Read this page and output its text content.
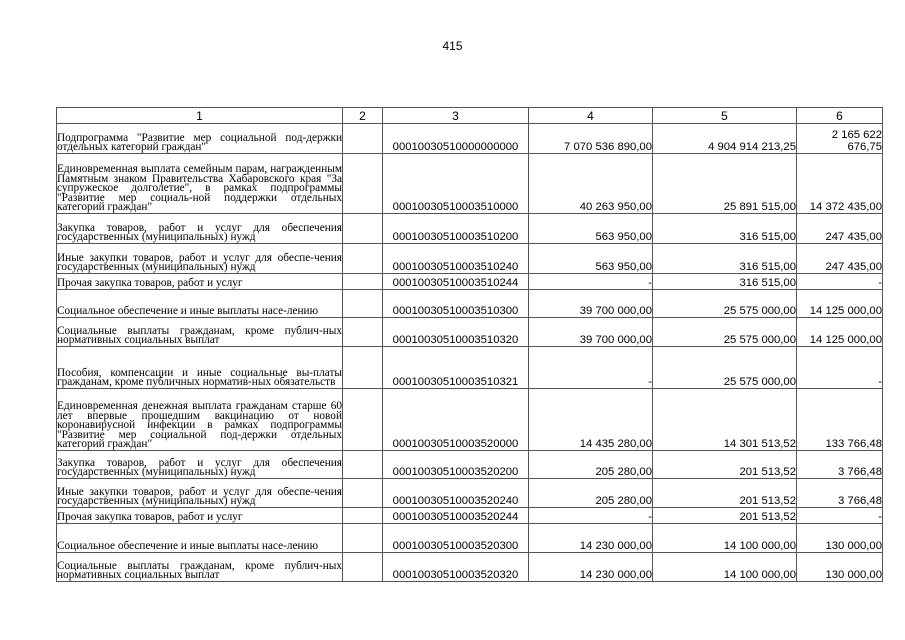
415
1	2	3	4	5	6
Подпрограмма "Развитие мер социальной под-держки отдельных категорий граждан"		00010030510000000000	7 070 536 890,00	4 904 914 213,25	2 165 622 676,75
Единовременная выплата семейным парам, награжденным Памятным знаком Правительства Хабаровского края "За супружеское долголетие", в рамках подпрограммы "Развитие мер социаль-ной поддержки отдельных категорий граждан"		00010030510003510000	40 263 950,00	25 891 515,00	14 372 435,00
Закупка товаров, работ и услуг для обеспечения государственных (муниципальных) нужд		00010030510003510200	563 950,00	316 515,00	247 435,00
Иные закупки товаров, работ и услуг для обеспе-чения государственных (муниципальных) нужд		00010030510003510240	563 950,00	316 515,00	247 435,00
Прочая закупка товаров, работ и услуг		00010030510003510244	-	316 515,00	-
Социальное обеспечение и иные выплаты насе-лению		00010030510003510300	39 700 000,00	25 575 000,00	14 125 000,00
Социальные выплаты гражданам, кроме публич-ных нормативных социальных выплат		00010030510003510320	39 700 000,00	25 575 000,00	14 125 000,00
Пособия, компенсации и иные социальные вы-платы гражданам, кроме публичных норматив-ных обязательств		00010030510003510321	-	25 575 000,00	-
Единовременная денежная выплата гражданам старше 60 лет впервые прошедшим вакцинацию от новой коронавирусной инфекции в рамках подпрограммы "Развитие мер социальной под-держки отдельных категорий граждан"		00010030510003520000	14 435 280,00	14 301 513,52	133 766,48
Закупка товаров, работ и услуг для обеспечения государственных (муниципальных) нужд		00010030510003520200	205 280,00	201 513,52	3 766,48
Иные закупки товаров, работ и услуг для обеспе-чения государственных (муниципальных) нужд		00010030510003520240	205 280,00	201 513,52	3 766,48
Прочая закупка товаров, работ и услуг		00010030510003520244	-	201 513,52	-
Социальное обеспечение и иные выплаты насе-лению		00010030510003520300	14 230 000,00	14 100 000,00	130 000,00
Социальные выплаты гражданам, кроме публич-ных нормативных социальных выплат		00010030510003520320	14 230 000,00	14 100 000,00	130 000,00
